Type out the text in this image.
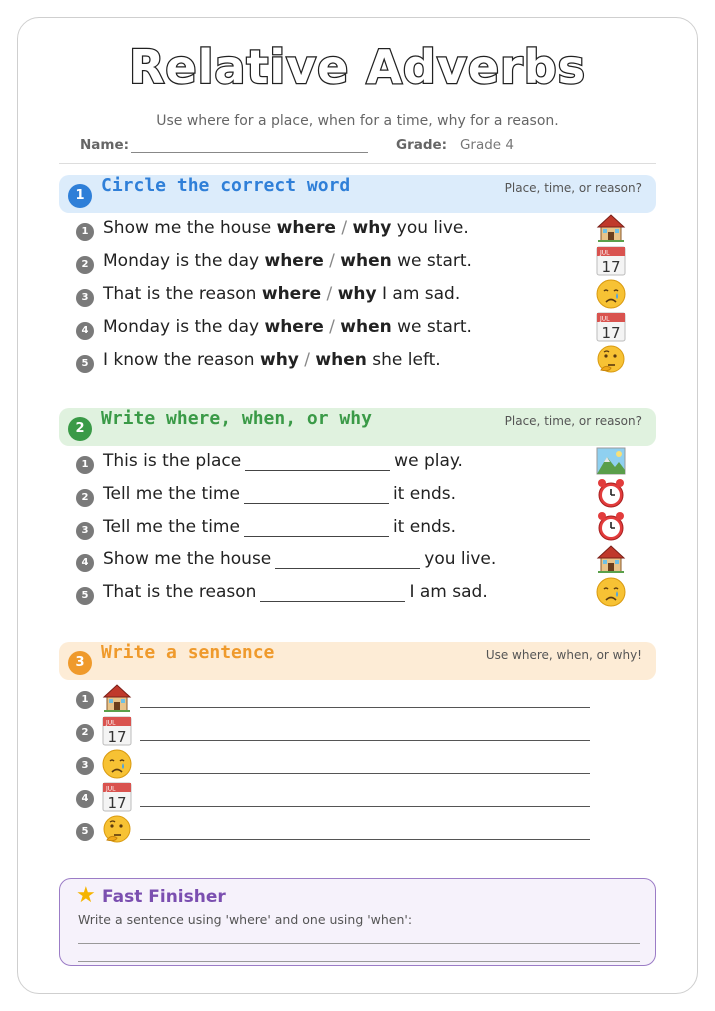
Relative Adverbs
Use where for a place, when for a time, why for a reason.
Name:	Grade: Grade 4
1 Circle the correct word	Place, time, or reason?
1 Show me the house where / why you live.
2 Monday is the day where / when we start.	JUL
17
3 That is the reason where / why I am sad.
4 Monday is the day where / when we start.	JUL
17
5 I know the reason why / when she left.
2 Write where, when, or why	Place, time, or reason?
1 This is the place	we play.
2 Tell me the time	it ends.
3 Tell me the time	it ends.
4 Show me the house	you live.
5 That is the reason	I am sad.
3 Write a sentence	Use where, when, or why!
1
2
JUL
17
3
4
JUL
17
5
★ Fast Finisher
Write a sentence using 'where' and one using 'when':
